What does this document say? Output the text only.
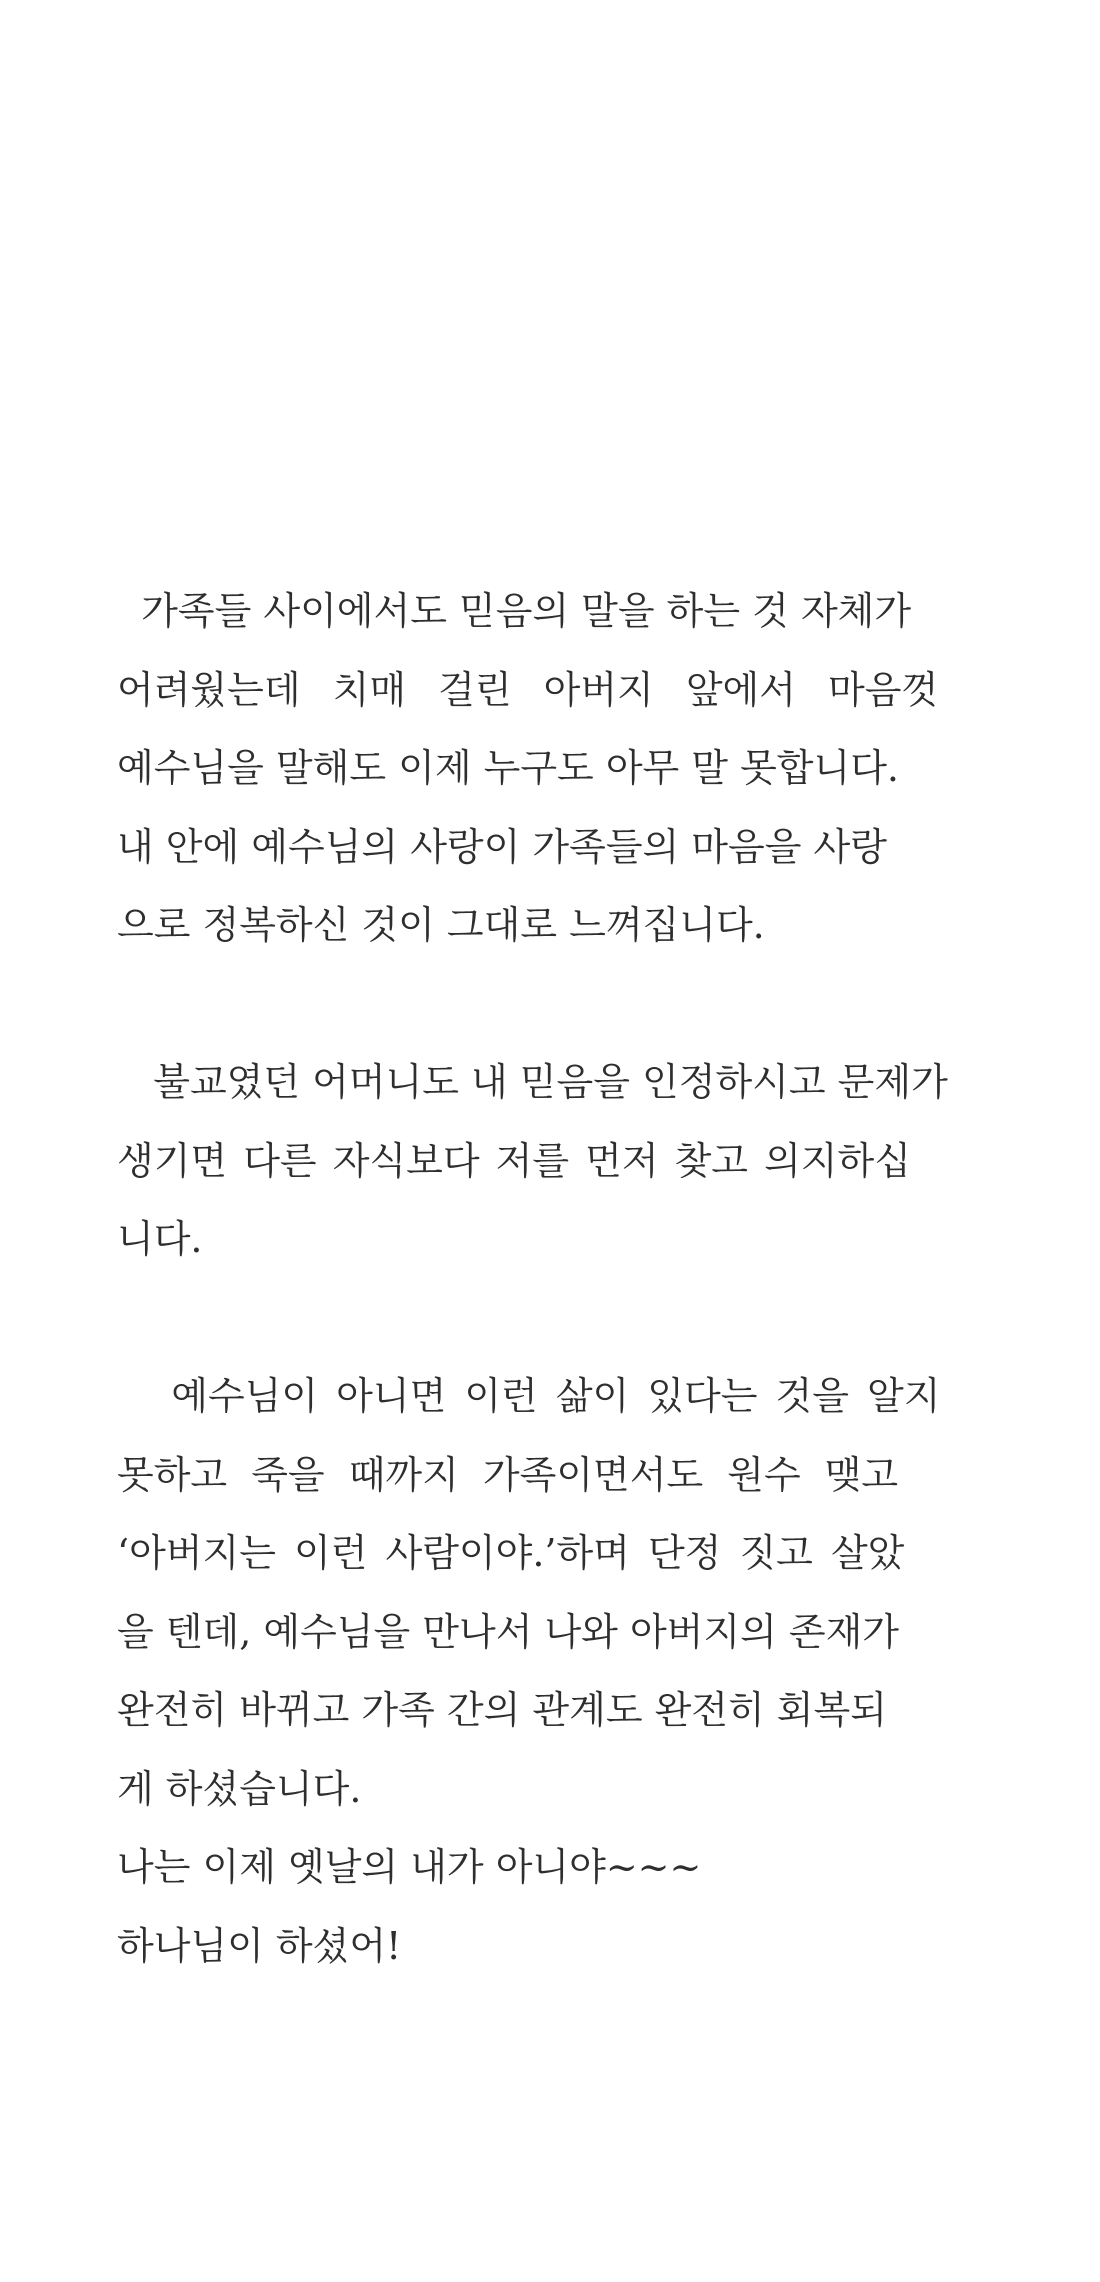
가족들 사이에서도 믿음의 말을 하는 것 자체가
어려웠는데 치매 걸린 아버지 앞에서 마음껏
예수님을 말해도 이제 누구도 아무 말 못합니다.
내 안에 예수님의 사랑이 가족들의 마음을 사랑
으로 정복하신 것이 그대로 느껴집니다.
불교였던 어머니도 내 믿음을 인정하시고 문제가
생기면 다른 자식보다 저를 먼저 찾고 의지하십
니다.
예수님이 아니면 이런 삶이 있다는 것을 알지
못하고 죽을 때까지 가족이면서도 원수 맺고
‘아버지는 이런 사람이야.’하며 단정 짓고 살았
을 텐데, 예수님을 만나서 나와 아버지의 존재가
완전히 바뀌고 가족 간의 관계도 완전히 회복되
게 하셨습니다.
나는 이제 옛날의 내가 아니야~~~
하나님이 하셨어!
